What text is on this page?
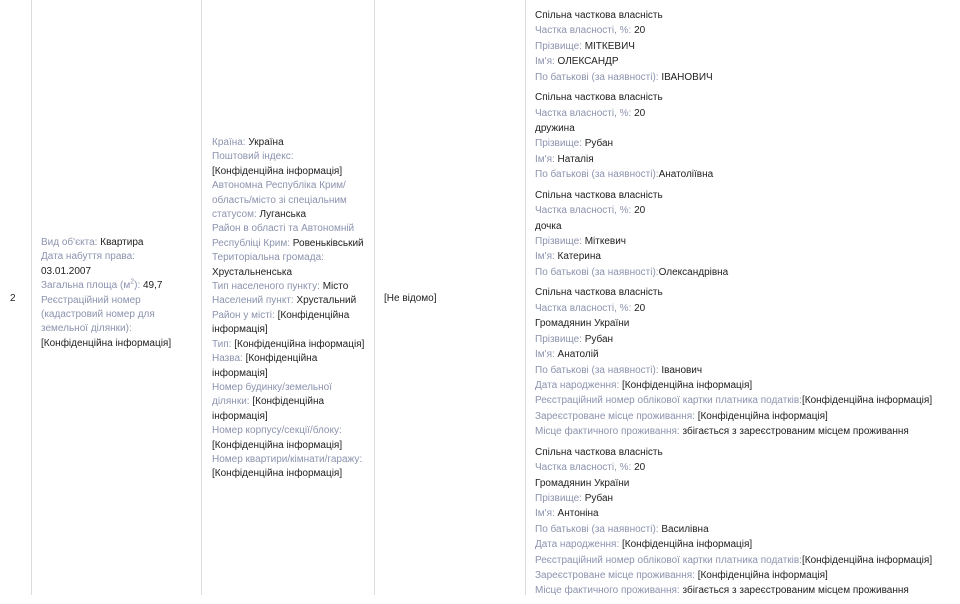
2
Вид об'єкта: Квартира
Дата набуття права:
03.01.2007
Загальна площа $(м^2)$: 49,7
Реєстраційний номер
(кадастровий номер для
земельної ділянки):
[Конфіденційна інформація]
Країна: Україна
Поштовий індекс: [Конфіденційна інформація]
Автономна Республіка Крим/ область/місто зі спеціальним статусом: Луганська
Район в області та Автономній Республіці Крим: Ровеньківський
Територіальна громада: Хрустальненська
Тип населеного пункту: Місто
Населений пункт: Хрустальний
Район у місті: [Конфіденційна інформація]
Тип: [Конфіденційна інформація]
Назва: [Конфіденційна інформація]
Номер будинку/земельної ділянки: [Конфіденційна інформація]
Номер корпусу/секції/блоку: [Конфіденційна інформація]
Номер квартири/кімнати/гаражу: [Конфіденційна інформація]
[Не відомо]
Спільна часткова власність
Частка власності, %: 20
Прізвище: МІТКЕВИЧ
Ім'я: ОЛЕКСАНДР
По батькові (за наявності): ІВАНОВИЧ
Спільна часткова власність
Частка власності, %: 20
дружина
Прізвище: Рубан
Ім'я: Наталія
По батькові (за наявності):Анатоліївна
Спільна часткова власність
Частка власності, %: 20
дочка
Прізвище: Міткевич
Ім'я: Катерина
По батькові (за наявності):Олександрівна
Спільна часткова власність
Частка власності, %: 20
Громадянин України
Прізвище: Рубан
Ім'я: Анатолій
По батькові (за наявності): Іванович
Дата народження: [Конфіденційна інформація]
Реєстраційний номер облікової картки платника податків:[Конфіденційна інформація]
Зареєстроване місце проживання: [Конфіденційна інформація]
Місце фактичного проживання: збігається з зареєстрованим місцем проживання
Спільна часткова власність
Частка власності, %: 20
Громадянин України
Прізвище: Рубан
Ім'я: Антоніна
По батькові (за наявності): Василівна
Дата народження: [Конфіденційна інформація]
Реєстраційний номер облікової картки платника податків:[Конфіденційна інформація]
Зареєстроване місце проживання: [Конфіденційна інформація]
Місце фактичного проживання: збігається з зареєстрованим місцем проживання
